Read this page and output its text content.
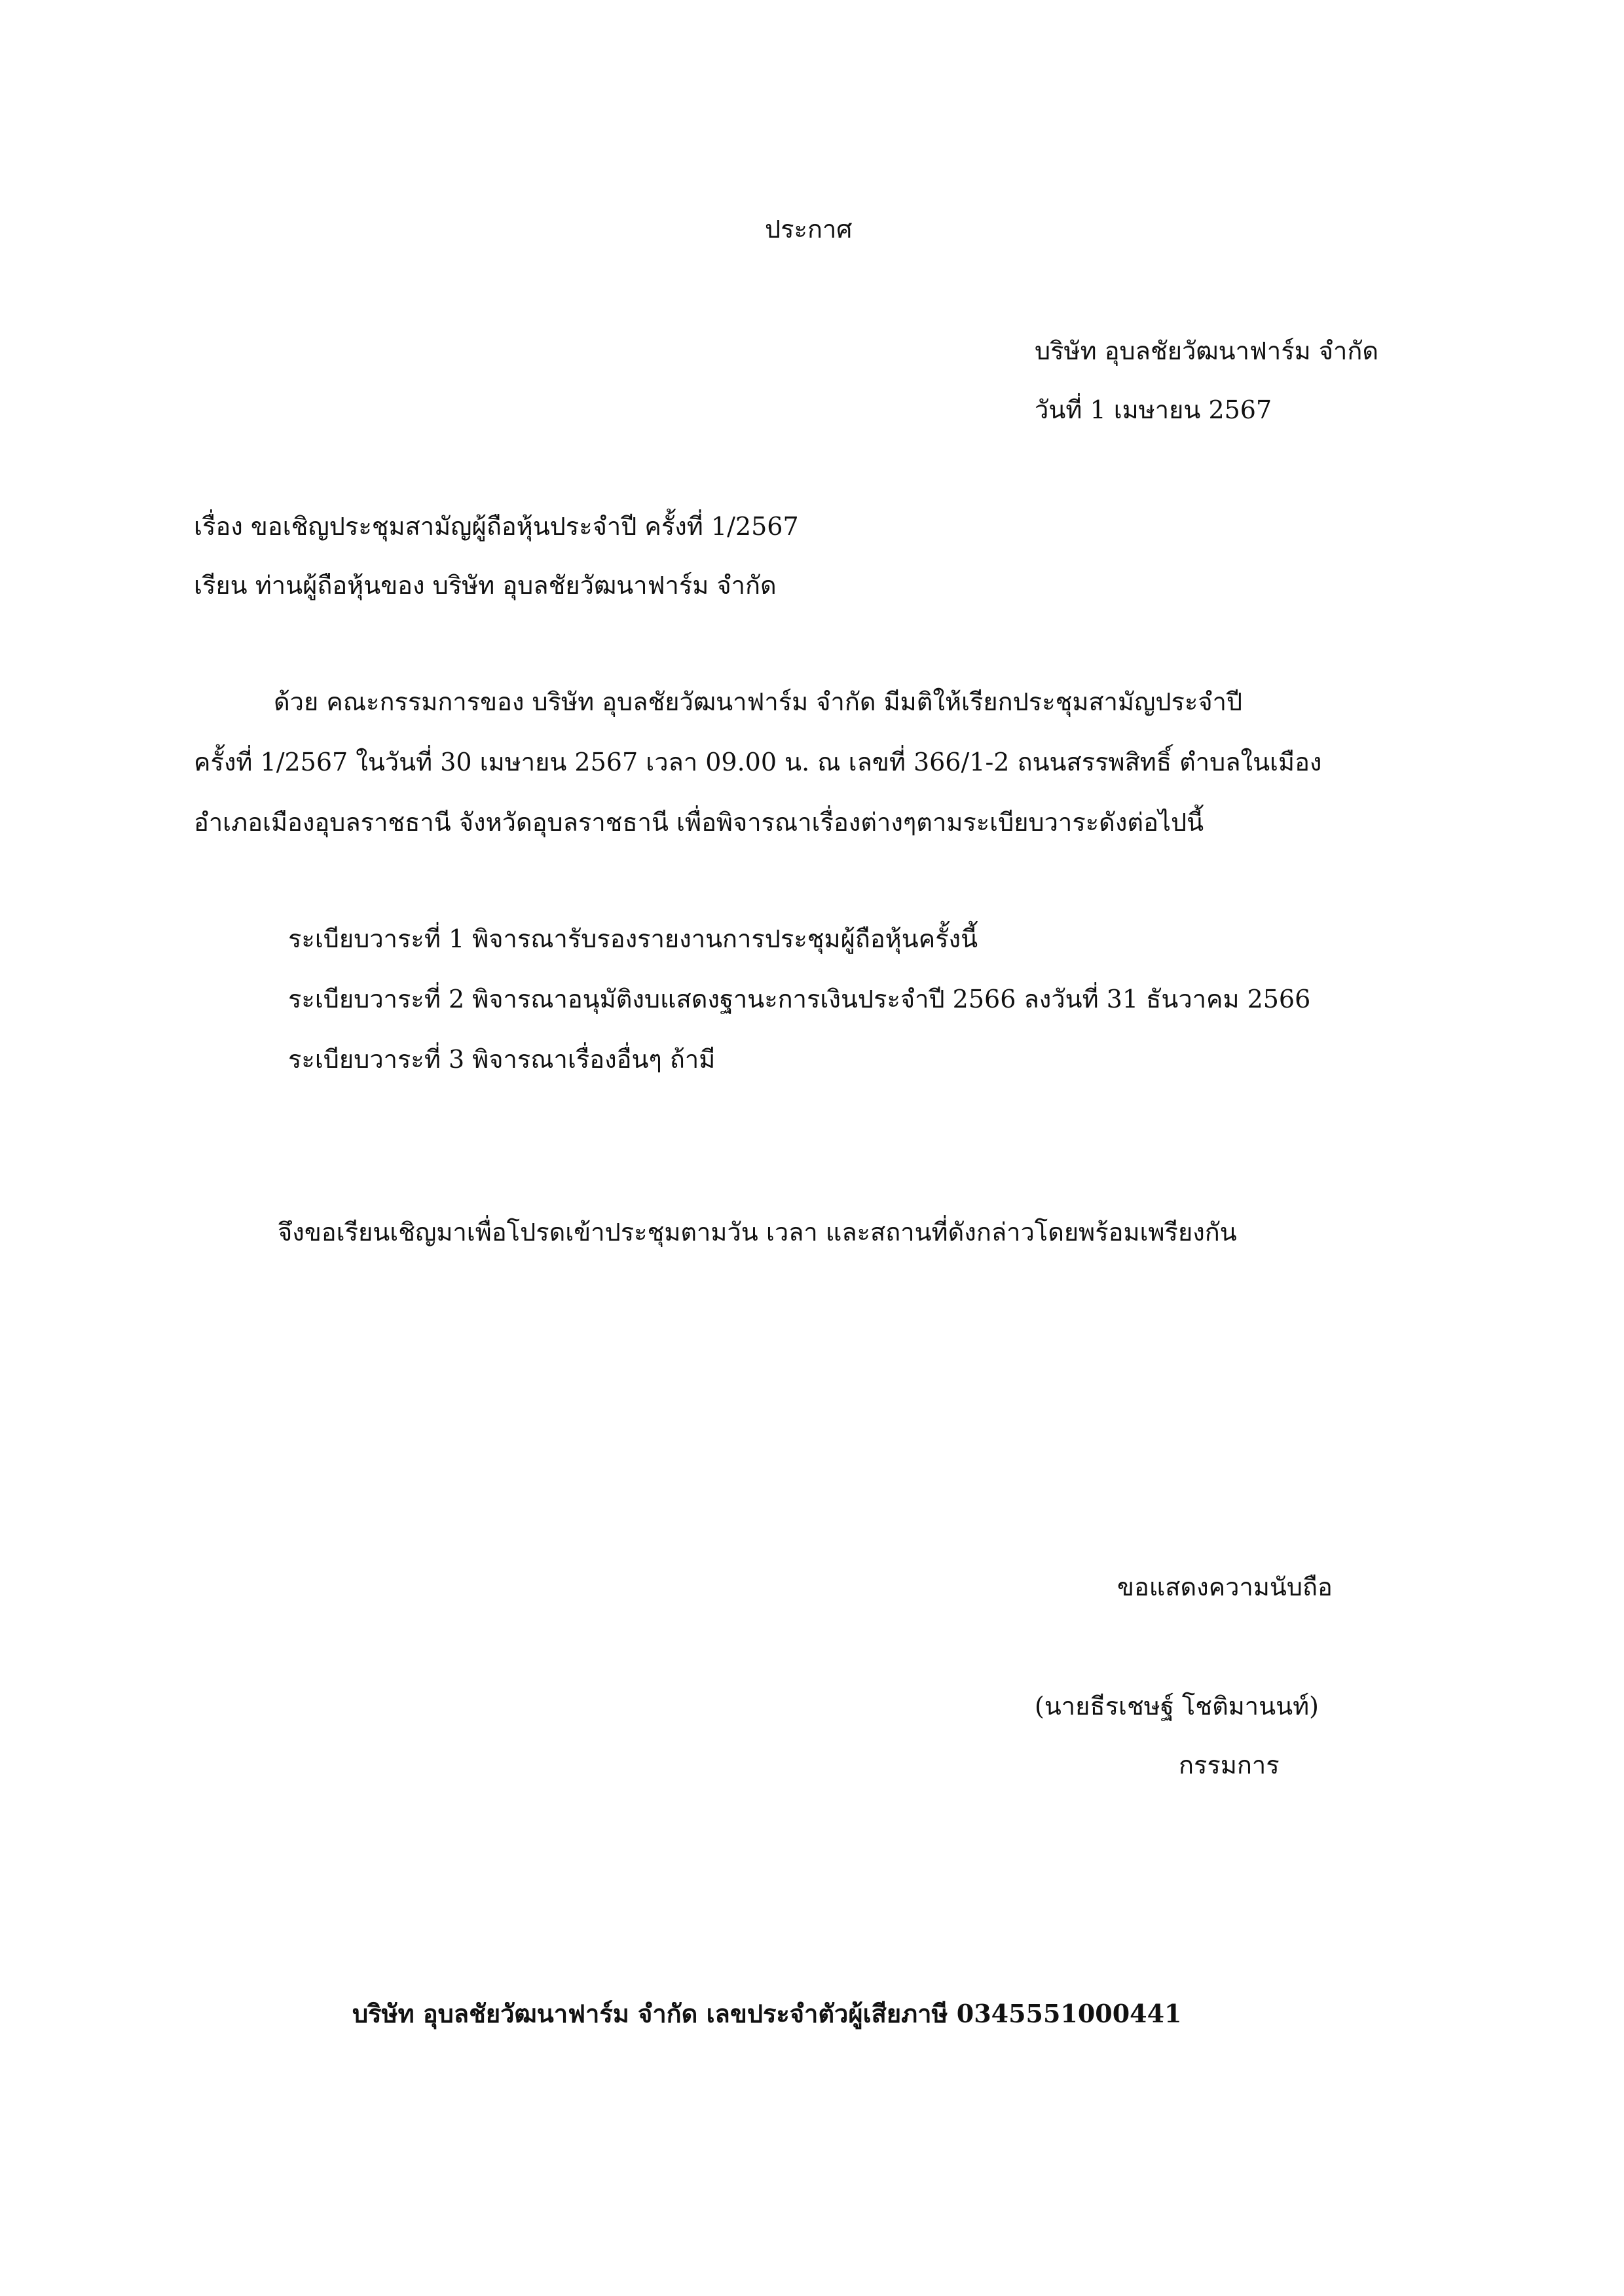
ประกาศ
บริษัท อุบลชัยวัฒนาฟาร์ม จำกัด
วันที่ 1 เมษายน 2567
เรื่อง ขอเชิญประชุมสามัญผู้ถือหุ้นประจำปี ครั้งที่ 1/2567
เรียน ท่านผู้ถือหุ้นของ บริษัท อุบลชัยวัฒนาฟาร์ม จำกัด
ด้วย คณะกรรมการของ บริษัท อุบลชัยวัฒนาฟาร์ม จำกัด มีมติให้เรียกประชุมสามัญประจำปี
ครั้งที่ 1/2567 ในวันที่ 30 เมษายน 2567 เวลา 09.00 น. ณ เลขที่ 366/1-2 ถนนสรรพสิทธิ์ ตำบลในเมือง
อำเภอเมืองอุบลราชธานี จังหวัดอุบลราชธานี เพื่อพิจารณาเรื่องต่างๆตามระเบียบวาระดังต่อไปนี้
ระเบียบวาระที่ 1 พิจารณารับรองรายงานการประชุมผู้ถือหุ้นครั้งนี้
ระเบียบวาระที่ 2 พิจารณาอนุมัติงบแสดงฐานะการเงินประจำปี 2566 ลงวันที่ 31 ธันวาคม 2566
ระเบียบวาระที่ 3 พิจารณาเรื่องอื่นๆ ถ้ามี
จึงขอเรียนเชิญมาเพื่อโปรดเข้าประชุมตามวัน เวลา และสถานที่ดังกล่าวโดยพร้อมเพรียงกัน
ขอแสดงความนับถือ
(นายธีรเชษฐ์ โชติมานนท์)
กรรมการ
บริษัท อุบลชัยวัฒนาฟาร์ม จำกัด เลขประจำตัวผู้เสียภาษี 0345551000441
